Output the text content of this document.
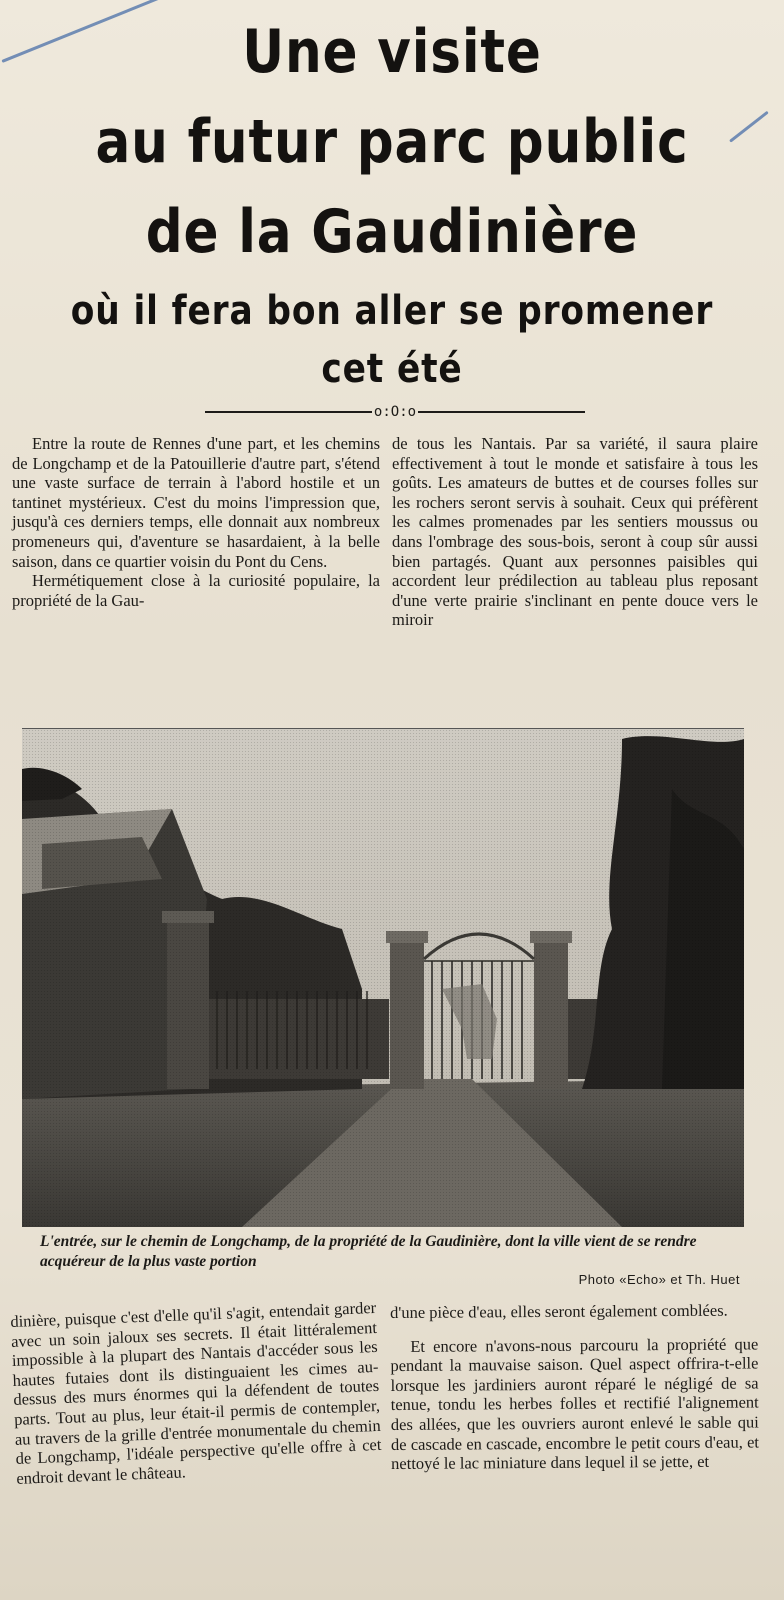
Une visite
au futur parc public
de la Gaudinière
où il fera bon aller se promener
cet été
o:O:o

Entre la route de Rennes d'une part, et les chemins de Longchamp et de la Patouillerie d'autre part, s'étend une vaste surface de terrain à l'abord hostile et un tantinet mystérieux. C'est du moins l'impression que, jusqu'à ces derniers temps, elle donnait aux nombreux promeneurs qui, d'aventure se hasardaient, à la belle saison, dans ce quartier voisin du Pont du Cens.

Hermétiquement close à la curiosité populaire, la propriété de la Gau-

de tous les Nantais. Par sa variété, il saura plaire effectivement à tout le monde et satisfaire à tous les goûts. Les amateurs de buttes et de courses folles sur les rochers seront servis à souhait. Ceux qui préfèrent les calmes promenades par les sentiers moussus ou dans l'ombrage des sous-bois, seront à coup sûr aussi bien partagés. Quant aux personnes paisibles qui accordent leur prédilection au tableau plus reposant d'une verte prairie s'inclinant en pente douce vers le miroir

L'entrée, sur le chemin de Longchamp, de la propriété de la Gaudinière, dont la ville vient de se rendre acquéreur de la plus vaste portion
Photo «Echo» et Th. Huet

dinière, puisque c'est d'elle qu'il s'agit, entendait garder avec un soin jaloux ses secrets. Il était littéralement impossible à la plupart des Nantais d'accéder sous les hautes futaies dont ils distinguaient les cimes au-dessus des murs énormes qui la défendent de toutes parts. Tout au plus, leur était-il permis de contempler, au travers de la grille d'entrée monumentale du chemin de Longchamp, l'idéale perspective qu'elle offre à cet endroit devant le château.

d'une pièce d'eau, elles seront également comblées.

Et encore n'avons-nous parcouru la propriété que pendant la mauvaise saison. Quel aspect offrira-t-elle lorsque les jardiniers auront réparé le négligé de sa tenue, tondu les herbes folles et rectifié l'alignement des allées, que les ouvriers auront enlevé le sable qui de cascade en cascade, encombre le petit cours d'eau, et nettoyé le lac miniature dans lequel il se jette, et
